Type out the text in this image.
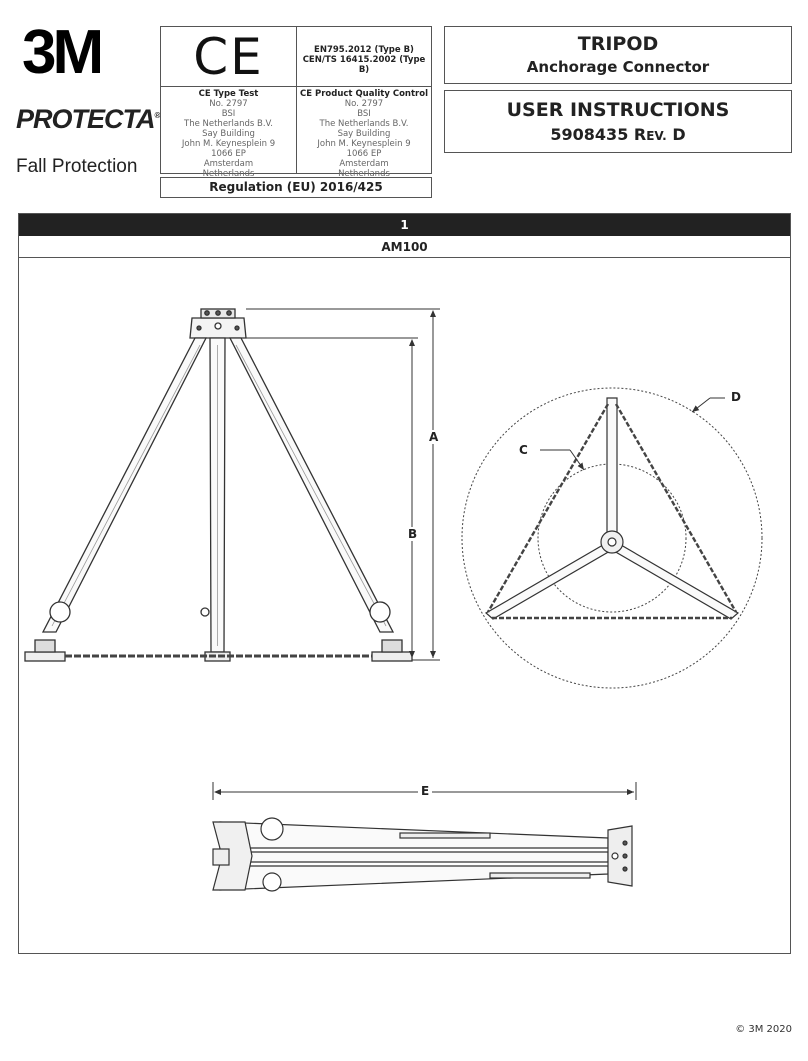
3M
PROTECTA®
Fall Protection
CE	EN795.2012 (Type B)
CEN/TS 16415.2002 (Type B)
CE Type Test
No. 2797
BSI
The Netherlands B.V.
Say Building
John M. Keynesplein 9
1066 EP
Amsterdam
Netherlands
CE Product Quality Control
No. 2797
BSI
The Netherlands B.V.
Say Building
John M. Keynesplein 9
1066 EP
Amsterdam
Netherlands
Regulation (EU) 2016/425
TRIPOD
Anchorage Connector
USER INSTRUCTIONS
5908435 REV. D
1
AM100
A
B
C
D
E
© 3M 2020
